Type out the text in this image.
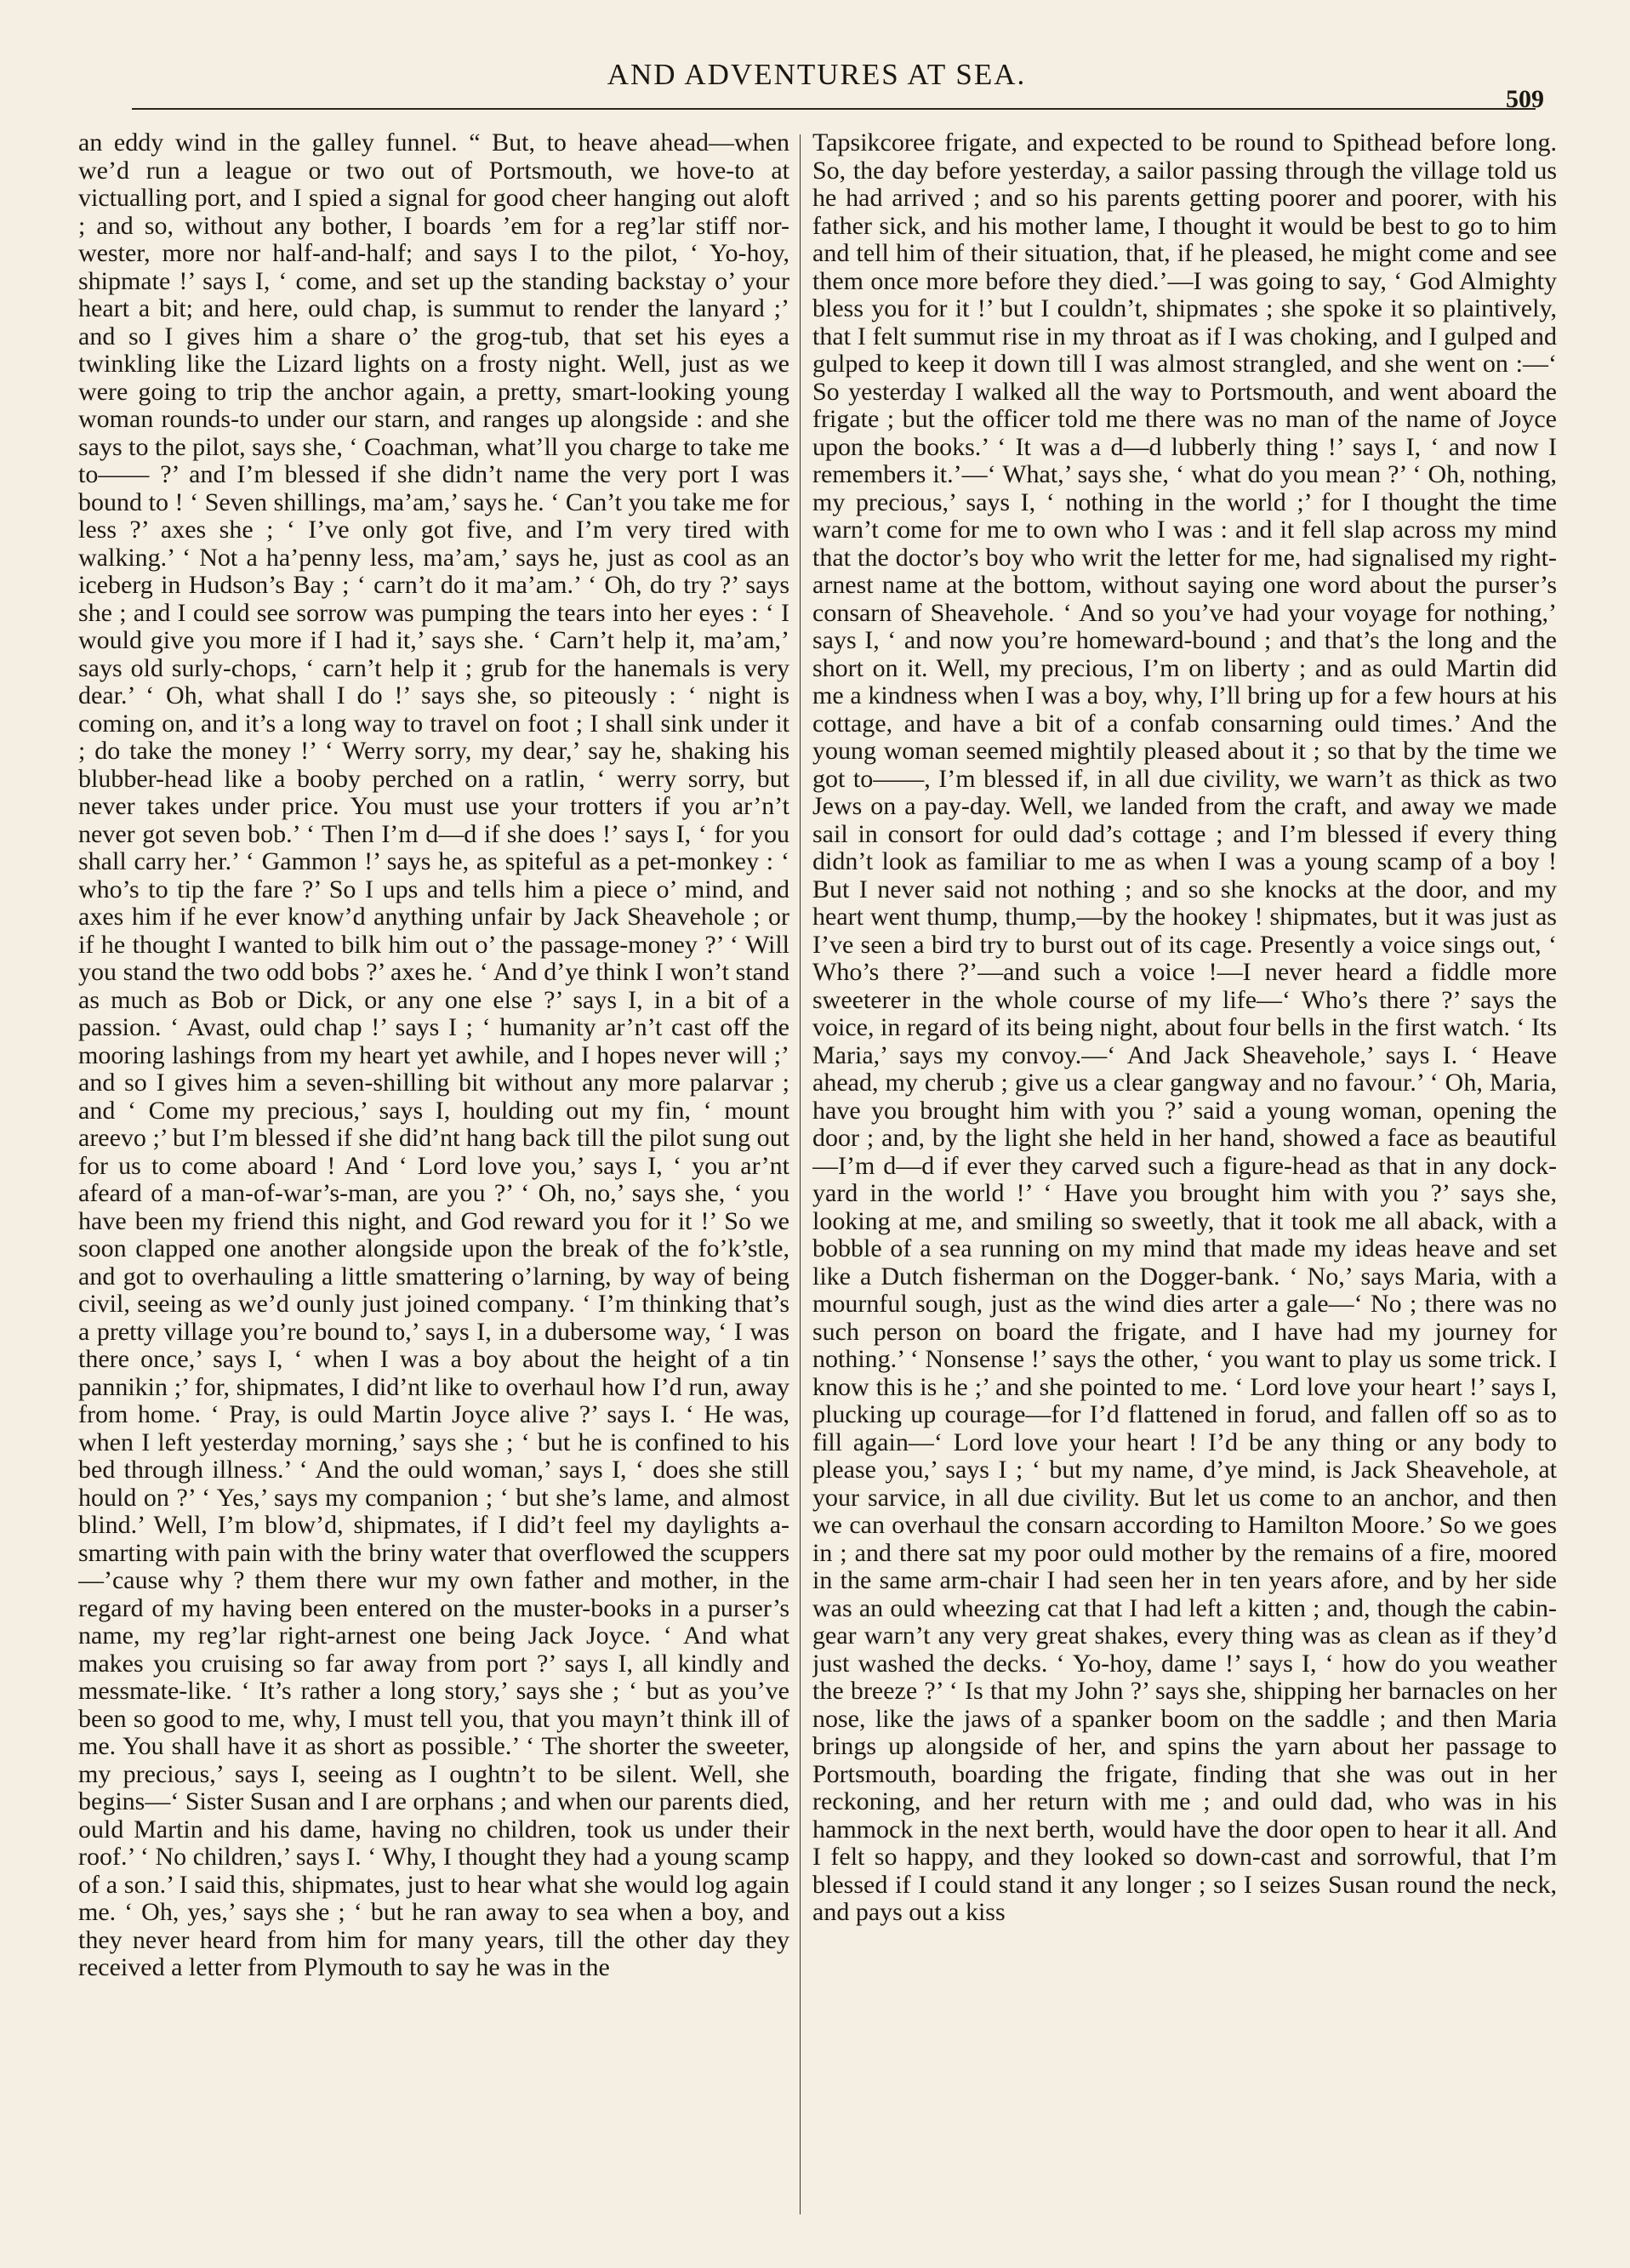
AND ADVENTURES AT SEA.
509

an eddy wind in the galley funnel. “ But, to heave ahead—when we’d run a league or two out of Portsmouth, we hove-to at victualling port, and I spied a signal for good cheer hanging out aloft ; and so, without any bother, I boards ’em for a reg’lar stiff nor-wester, more nor half-and-half; and says I to the pilot, ‘ Yo-hoy, shipmate !’ says I, ‘ come, and set up the standing backstay o’ your heart a bit; and here, ould chap, is summut to render the lanyard ;’ and so I gives him a share o’ the grog-tub, that set his eyes a twinkling like the Lizard lights on a frosty night. Well, just as we were going to trip the anchor again, a pretty, smart-looking young woman rounds-to under our starn, and ranges up alongside : and she says to the pilot, says she, ‘ Coachman, what’ll you charge to take me to—— ?’ and I’m blessed if she didn’t name the very port I was bound to ! ‘ Seven shillings, ma’am,’ says he. ‘ Can’t you take me for less ?’ axes she ; ‘ I’ve only got five, and I’m very tired with walking.’ ‘ Not a ha’penny less, ma’am,’ says he, just as cool as an iceberg in Hudson’s Bay ; ‘ carn’t do it ma’am.’ ‘ Oh, do try ?’ says she ; and I could see sorrow was pumping the tears into her eyes : ‘ I would give you more if I had it,’ says she. ‘ Carn’t help it, ma’am,’ says old surly-chops, ‘ carn’t help it ; grub for the hanemals is very dear.’ ‘ Oh, what shall I do !’ says she, so piteously : ‘ night is coming on, and it’s a long way to travel on foot ; I shall sink under it ; do take the money !’ ‘ Werry sorry, my dear,’ say he, shaking his blubber-head like a booby perched on a ratlin, ‘ werry sorry, but never takes under price. You must use your trotters if you ar’n’t never got seven bob.’ ‘ Then I’m d—d if she does !’ says I, ‘ for you shall carry her.’ ‘ Gammon !’ says he, as spiteful as a pet-monkey : ‘ who’s to tip the fare ?’ So I ups and tells him a piece o’ mind, and axes him if he ever know’d anything unfair by Jack Sheavehole ; or if he thought I wanted to bilk him out o’ the passage-money ?’ ‘ Will you stand the two odd bobs ?’ axes he. ‘ And d’ye think I won’t stand as much as Bob or Dick, or any one else ?’ says I, in a bit of a passion. ‘ Avast, ould chap !’ says I ; ‘ humanity ar’n’t cast off the mooring lashings from my heart yet awhile, and I hopes never will ;’ and so I gives him a seven-shilling bit without any more palarvar ; and ‘ Come my precious,’ says I, houlding out my fin, ‘ mount areevo ;’ but I’m blessed if she did’nt hang back till the pilot sung out for us to come aboard ! And ‘ Lord love you,’ says I, ‘ you ar’nt afeard of a man-of-war’s-man, are you ?’ ‘ Oh, no,’ says she, ‘ you have been my friend this night, and God reward you for it !’ So we soon clapped one another alongside upon the break of the fo’k’stle, and got to overhauling a little smattering o’larning, by way of being civil, seeing as we’d ounly just joined company. ‘ I’m thinking that’s a pretty village you’re bound to,’ says I, in a dubersome way, ‘ I was there once,’ says I, ‘ when I was a boy about the height of a tin pannikin ;’ for, shipmates, I did’nt like to overhaul how I’d run, away from home. ‘ Pray, is ould Martin Joyce alive ?’ says I. ‘ He was, when I left yesterday morning,’ says she ; ‘ but he is confined to his bed through illness.’ ‘ And the ould woman,’ says I, ‘ does she still hould on ?’ ‘ Yes,’ says my companion ; ‘ but she’s lame, and almost blind.’ Well, I’m blow’d, shipmates, if I did’t feel my daylights a-smarting with pain with the briny water that overflowed the scuppers —’cause why ? them there wur my own father and mother, in the regard of my having been entered on the muster-books in a purser’s name, my reg’lar right-arnest one being Jack Joyce. ‘ And what makes you cruising so far away from port ?’ says I, all kindly and messmate-like. ‘ It’s rather a long story,’ says she ; ‘ but as you’ve been so good to me, why, I must tell you, that you mayn’t think ill of me. You shall have it as short as possible.’ ‘ The shorter the sweeter, my precious,’ says I, seeing as I oughtn’t to be silent. Well, she begins—‘ Sister Susan and I are orphans ; and when our parents died, ould Martin and his dame, having no children, took us under their roof.’ ‘ No children,’ says I. ‘ Why, I thought they had a young scamp of a son.’ I said this, shipmates, just to hear what she would log again me. ‘ Oh, yes,’ says she ; ‘ but he ran away to sea when a boy, and they never heard from him for many years, till the other day they received a letter from Plymouth to say he was in the

Tapsikcoree frigate, and expected to be round to Spithead before long. So, the day before yesterday, a sailor passing through the village told us he had arrived ; and so his parents getting poorer and poorer, with his father sick, and his mother lame, I thought it would be best to go to him and tell him of their situation, that, if he pleased, he might come and see them once more before they died.’—I was going to say, ‘ God Almighty bless you for it !’ but I couldn’t, shipmates ; she spoke it so plaintively, that I felt summut rise in my throat as if I was choking, and I gulped and gulped to keep it down till I was almost strangled, and she went on :—‘ So yesterday I walked all the way to Portsmouth, and went aboard the frigate ; but the officer told me there was no man of the name of Joyce upon the books.’ ‘ It was a d—d lubberly thing !’ says I, ‘ and now I remembers it.’—‘ What,’ says she, ‘ what do you mean ?’ ‘ Oh, nothing, my precious,’ says I, ‘ nothing in the world ;’ for I thought the time warn’t come for me to own who I was : and it fell slap across my mind that the doctor’s boy who writ the letter for me, had signalised my right-arnest name at the bottom, without saying one word about the purser’s consarn of Sheavehole. ‘ And so you’ve had your voyage for nothing,’ says I, ‘ and now you’re homeward-bound ; and that’s the long and the short on it. Well, my precious, I’m on liberty ; and as ould Martin did me a kindness when I was a boy, why, I’ll bring up for a few hours at his cottage, and have a bit of a confab consarning ould times.’ And the young woman seemed mightily pleased about it ; so that by the time we got to——, I’m blessed if, in all due civility, we warn’t as thick as two Jews on a pay-day. Well, we landed from the craft, and away we made sail in consort for ould dad’s cottage ; and I’m blessed if every thing didn’t look as familiar to me as when I was a young scamp of a boy ! But I never said not nothing ; and so she knocks at the door, and my heart went thump, thump,—by the hookey ! shipmates, but it was just as I’ve seen a bird try to burst out of its cage. Presently a voice sings out, ‘ Who’s there ?’—and such a voice !—I never heard a fiddle more sweeterer in the whole course of my life—‘ Who’s there ?’ says the voice, in regard of its being night, about four bells in the first watch. ‘ Its Maria,’ says my convoy.—‘ And Jack Sheavehole,’ says I. ‘ Heave ahead, my cherub ; give us a clear gangway and no favour.’ ‘ Oh, Maria, have you brought him with you ?’ said a young woman, opening the door ; and, by the light she held in her hand, showed a face as beautiful—I’m d—d if ever they carved such a figure-head as that in any dock-yard in the world !’ ‘ Have you brought him with you ?’ says she, looking at me, and smiling so sweetly, that it took me all aback, with a bobble of a sea running on my mind that made my ideas heave and set like a Dutch fisherman on the Dogger-bank. ‘ No,’ says Maria, with a mournful sough, just as the wind dies arter a gale—‘ No ; there was no such person on board the frigate, and I have had my journey for nothing.’ ‘ Nonsense !’ says the other, ‘ you want to play us some trick. I know this is he ;’ and she pointed to me. ‘ Lord love your heart !’ says I, plucking up courage—for I’d flattened in forud, and fallen off so as to fill again—‘ Lord love your heart ! I’d be any thing or any body to please you,’ says I ; ‘ but my name, d’ye mind, is Jack Sheavehole, at your sarvice, in all due civility. But let us come to an anchor, and then we can overhaul the consarn according to Hamilton Moore.’ So we goes in ; and there sat my poor ould mother by the remains of a fire, moored in the same arm-chair I had seen her in ten years afore, and by her side was an ould wheezing cat that I had left a kitten ; and, though the cabin-gear warn’t any very great shakes, every thing was as clean as if they’d just washed the decks. ‘ Yo-hoy, dame !’ says I, ‘ how do you weather the breeze ?’ ‘ Is that my John ?’ says she, shipping her barnacles on her nose, like the jaws of a spanker boom on the saddle ; and then Maria brings up alongside of her, and spins the yarn about her passage to Portsmouth, boarding the frigate, finding that she was out in her reckoning, and her return with me ; and ould dad, who was in his hammock in the next berth, would have the door open to hear it all. And I felt so happy, and they looked so down-cast and sorrowful, that I’m blessed if I could stand it any longer ; so I seizes Susan round the neck, and pays out a kiss
